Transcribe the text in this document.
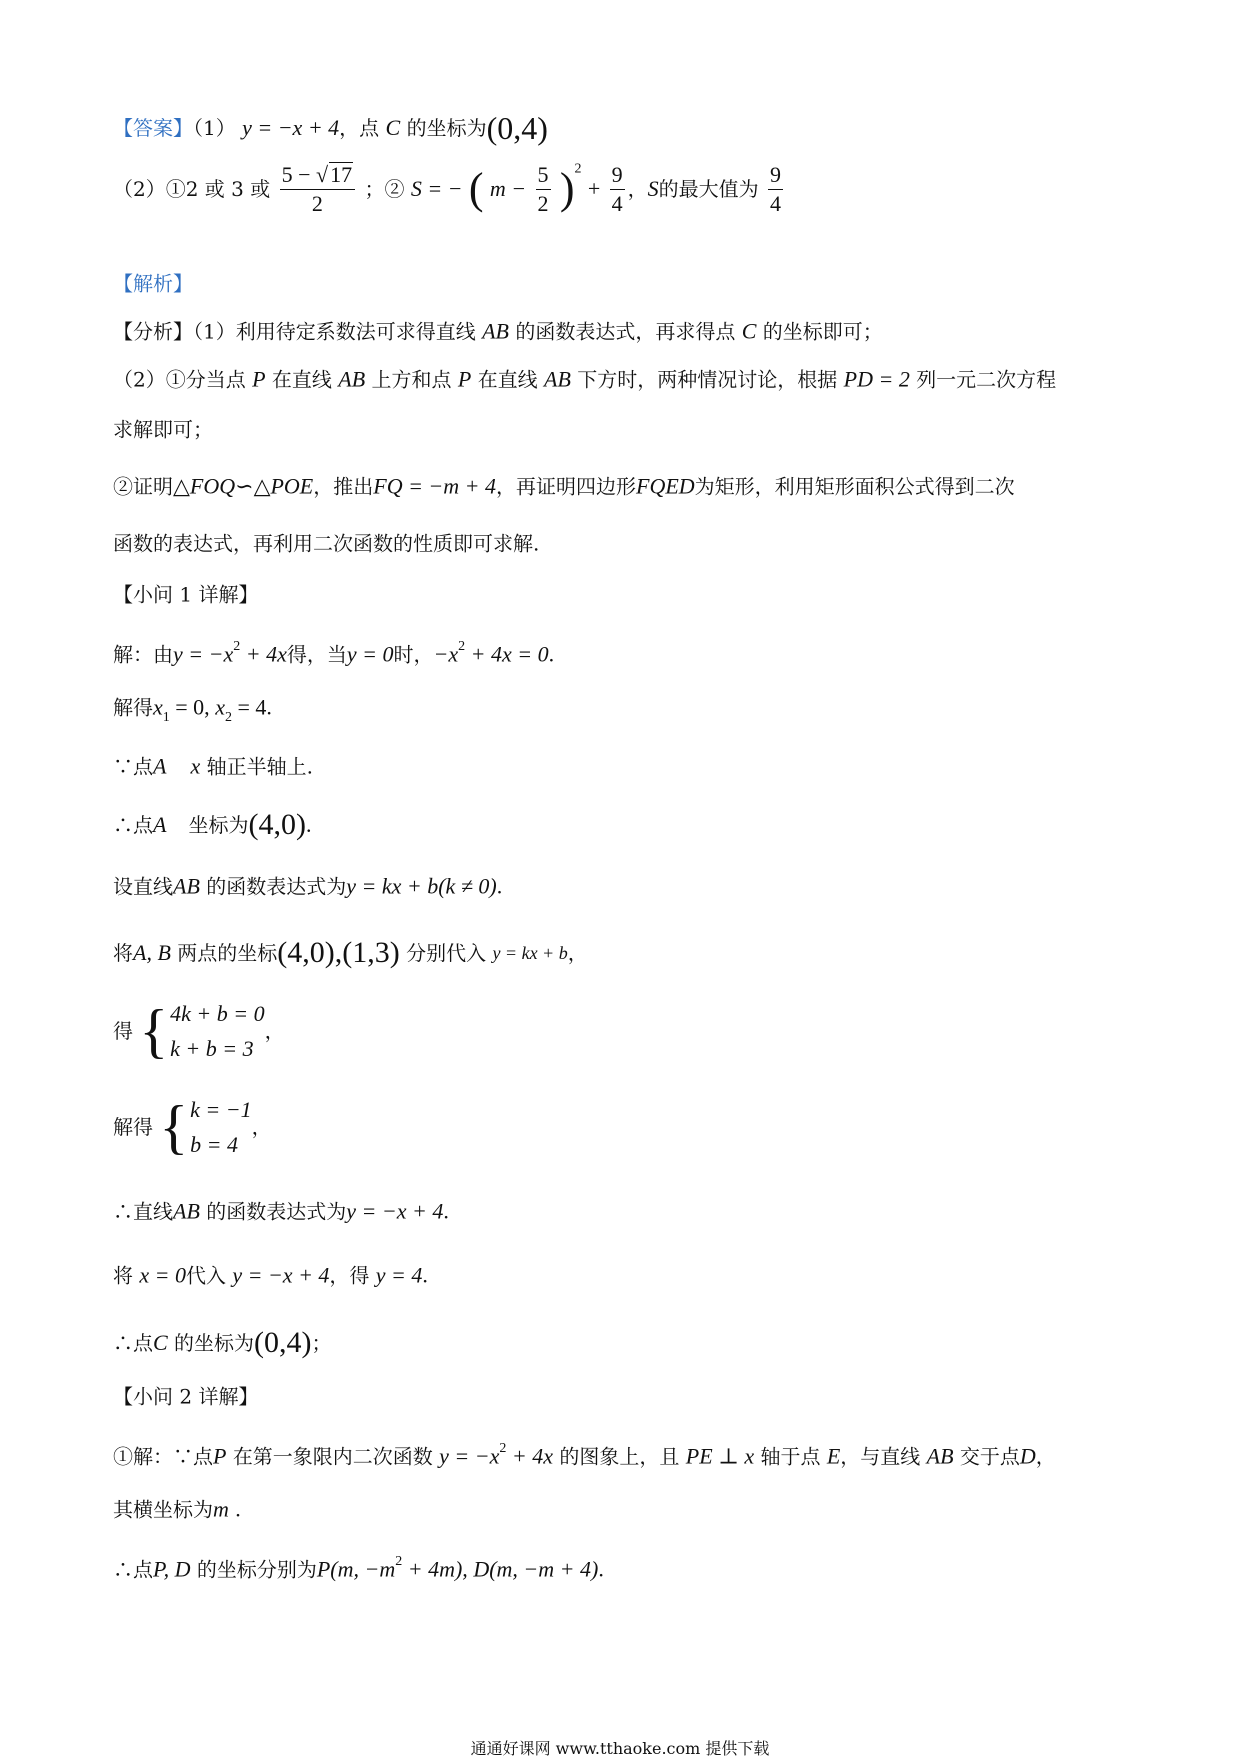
【答案】（1） y = −x + 4，点 C 的坐标为(0,4)
（2）①2 或 3 或 $\frac{5 - √17}{2}$ ；② S = − ( $m - \frac{5}{2} )^2 + \frac{9}{4}$ ，S的最大值为 $\frac{9}{4}$
【解析】
【分析】（1）利用待定系数法可求得直线 AB 的函数表达式，再求得点 C 的坐标即可；
（2）①分当点 P 在直线 AB 上方和点 P 在直线 AB 下方时，两种情况讨论，根据 PD = 2 列一元二次方程
求解即可；
②证明△FOQ∽△POE，推出FQ = −m + 4，再证明四边形FQED为矩形，利用矩形面积公式得到二次
函数的表达式，再利用二次函数的性质即可求解.
【小问 1 详解】
解：由$y = -x^2 + 4x$得，当y = 0时，$-x^2 + 4x = 0$.
解得$x_1 = 0$, $x_2 = 4$.
∵点A x 轴正半轴上.
∴点A 坐标为(4,0).
设直线AB 的函数表达式为y = kx + b(k ≠ 0).
将A, B 两点的坐标(4,0),(1,3) 分别代入 y = kx + b，
得 { 4k + b = 0
k + b = 3
，
解得 { k = −1
b = 4
，
∴直线AB 的函数表达式为y = −x + 4.
将 x = 0代入 y = −x + 4，得 y = 4.
∴点C 的坐标为(0,4)；
【小问 2 详解】
①解：∵点P 在第一象限内二次函数 $y = -x^2 + 4x$ 的图象上，且 PE ⊥ x 轴于点 E，与直线 AB 交于点D，
其横坐标为m .
∴点P, D 的坐标分别为P(m, $-m^2 + 4m$), D(m, −m + 4).
通通好课网 www.tthaoke.com 提供下载
